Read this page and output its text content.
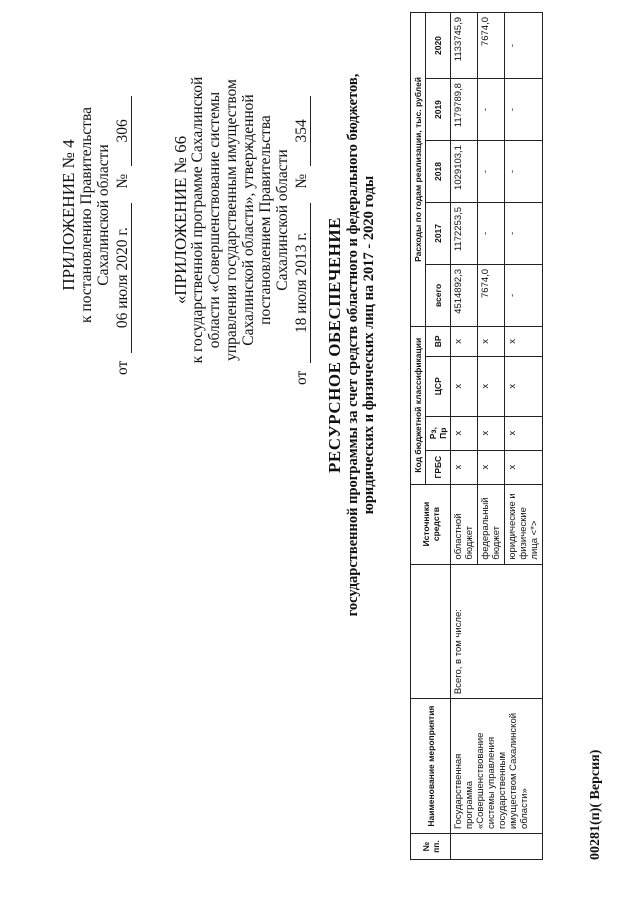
ПРИЛОЖЕНИЕ № 4 к постановлению Правительства Сахалинской области
от
06 июля 2020 г.
№
306
«ПРИЛОЖЕНИЕ № 66 к государственной программе Сахалинской области «Совершенствование системы управления государственным имуществом Сахалинской области», утвержденной постановлением Правительства Сахалинской области
от
18 июля 2013 г.
№
354
РЕСУРСНОЕ ОБЕСПЕЧЕНИЕ государственной программы за счет средств областного и федерального бюджетов, юридических и физических лиц на 2017 - 2020 годы
№ пп.	Наименование мероприятия		Источники средств	Код бюджетной классификации				Расходы по годам реализации, тыс. рублей				
				ГРБС	Рз, Пр	ЦСР	ВР	всего	2017	2018	2019	2020
	Государственная программа «Совершенствование системы управления государственным имуществом Сахалинской области»	Всего, в том числе:	областной бюджет	х	х	х	х	4514892,3	1172253,5	1029103,1	1179789,8	1133745,9
			федеральный бюджет	х	х	х	х	7674,0	-	-	-	7674,0
			юридические и физические лица <*>	х	х	х	х	-	-	-	-	-
00281(п)( Версия)
